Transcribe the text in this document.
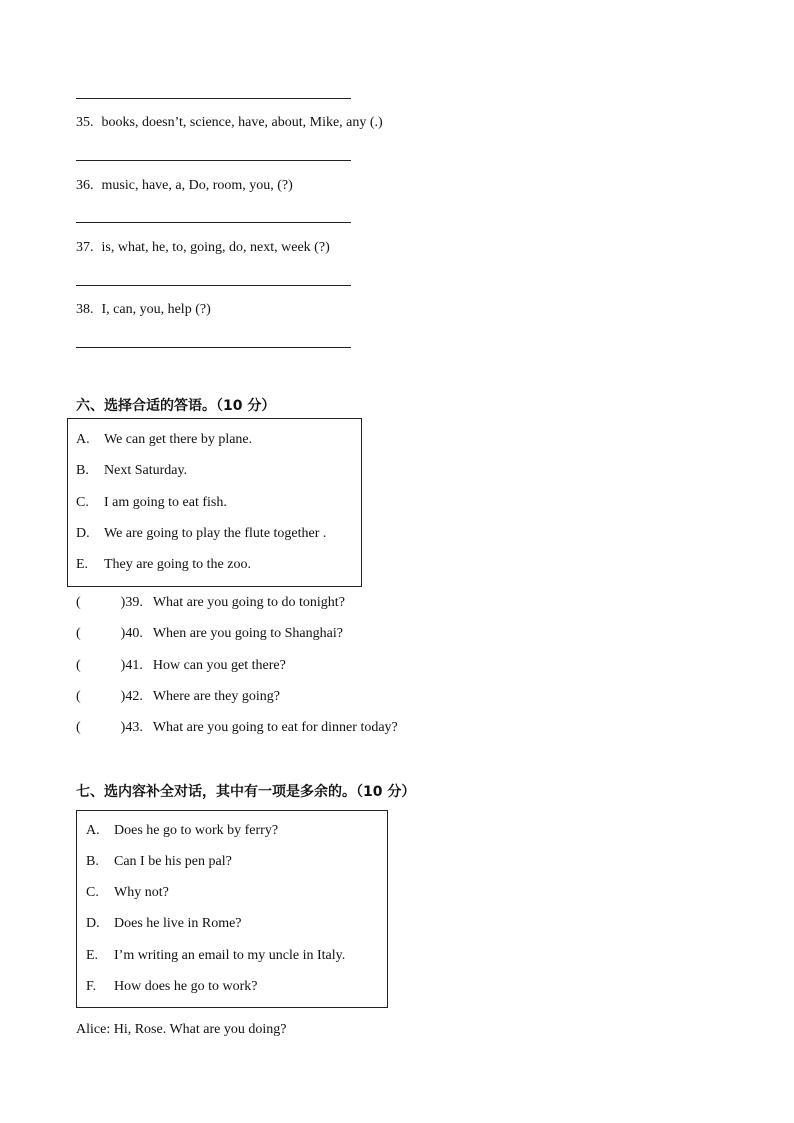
35. books, doesn’t, science, have, about, Mike, any (.)
36. music, have, a, Do, room, you, (?)
37. is, what, he, to, going, do, next, week (?)
38. I, can, you, help (?)
六、选择合适的答语。（10 分）
A. We can get there by plane.
B. Next Saturday.
C. I am going to eat fish.
D. We are going to play the flute together .
E. They are going to the zoo.
(	)39. What are you going to do tonight?
(	)40. When are you going to Shanghai?
(	)41. How can you get there?
(	)42. Where are they going?
(	)43. What are you going to eat for dinner today?
七、选内容补全对话，其中有一项是多余的。（10 分）
A. Does he go to work by ferry?
B. Can I be his pen pal?
C. Why not?
D. Does he live in Rome?
E. I’m writing an email to my uncle in Italy.
F. How does he go to work?
Alice: Hi, Rose. What are you doing?
